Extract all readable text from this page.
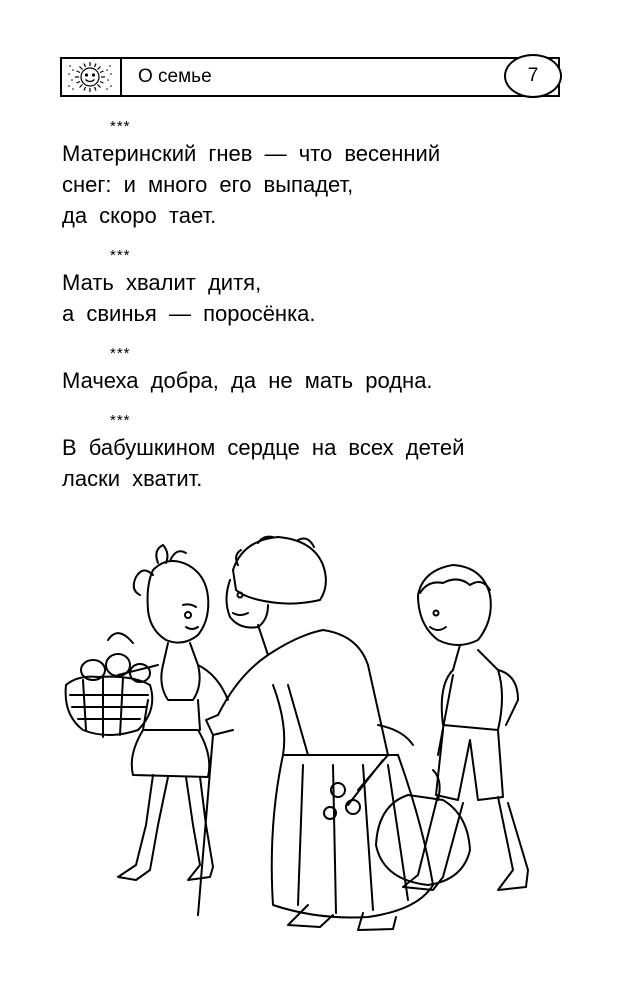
О семье	7
***
Материнский гнев — что весенний
снег: и много его выпадет,
да скоро тает.
***
Мать хвалит дитя,
а свинья — поросёнка.
***
Мачеха добра, да не мать родна.
***
В бабушкином сердце на всех детей
ласки хватит.
